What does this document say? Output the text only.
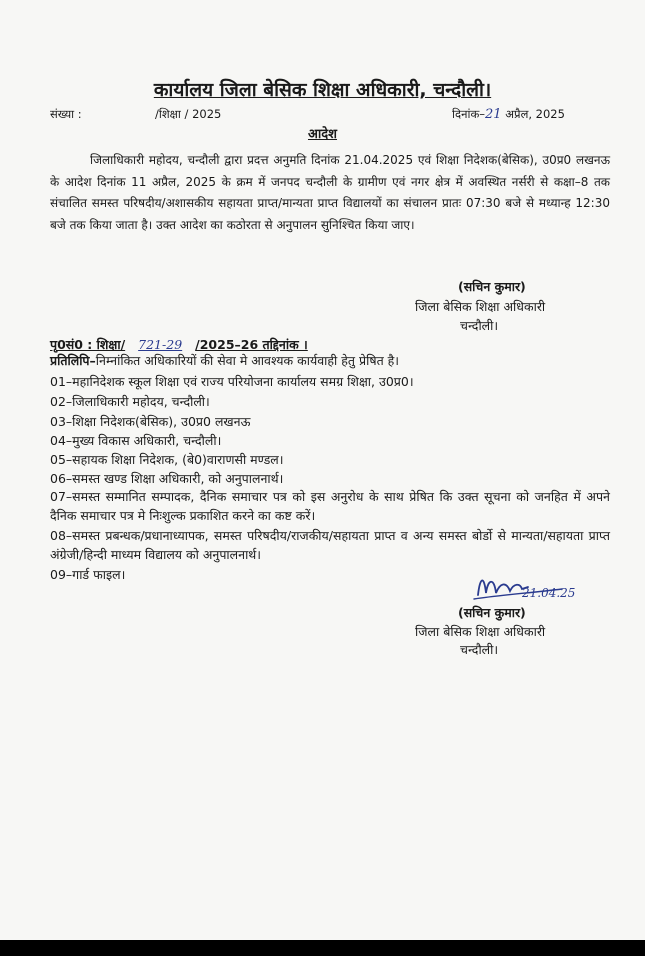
कार्यालय जिला बेसिक शिक्षा अधिकारी, चन्दौली।
संख्या :	/शिक्षा / 2025	दिनांक–21 अप्रैल, 2025
आदेश
जिलाधिकारी महोदय, चन्दौली द्वारा प्रदत्त अनुमति दिनांक 21.04.2025 एवं शिक्षा निदेशक(बेसिक), उ0प्र0 लखनऊ के आदेश दिनांक 11 अप्रैल, 2025 के क्रम में जनपद चन्दौली के ग्रामीण एवं नगर क्षेत्र में अवस्थित नर्सरी से कक्षा–8 तक संचालित समस्त परिषदीय/अशासकीय सहायता प्राप्त/मान्यता प्राप्त विद्यालयों का संचालन प्रातः 07:30 बजे से मध्यान्ह 12:30 बजे तक किया जाता है। उक्त आदेश का कठोरता से अनुपालन सुनिश्चित किया जाए।
(सचिन कुमार)
जिला बेसिक शिक्षा अधिकारी
चन्दौली।
पृ0सं0 : शिक्षा/ 721-29 /2025–26 तद्दिनांक ।
प्रतिलिपि–निम्नांकित अधिकारियों की सेवा मे आवश्यक कार्यवाही हेतु प्रेषित है।
01–महानिदेशक स्कूल शिक्षा एवं राज्य परियोजना कार्यालय समग्र शिक्षा, उ0प्र0।
02–जिलाधिकारी महोदय, चन्दौली।
03–शिक्षा निदेशक(बेसिक), उ0प्र0 लखनऊ
04–मुख्य विकास अधिकारी, चन्दौली।
05–सहायक शिक्षा निदेशक, (बे0)वाराणसी मण्डल।
06–समस्त खण्ड शिक्षा अधिकारी, को अनुपालनार्थ।
07–समस्त सम्मानित सम्पादक, दैनिक समाचार पत्र को इस अनुरोध के साथ प्रेषित कि उक्त सूचना को जनहित में अपने दैनिक समाचार पत्र मे निःशुल्क प्रकाशित करने का कष्ट करें।
08–समस्त प्रबन्धक/प्रधानाध्यापक, समस्त परिषदीय/राजकीय/सहायता प्राप्त व अन्य समस्त बोर्डो से मान्यता/सहायता प्राप्त अंग्रेजी/हिन्दी माध्यम विद्यालय को अनुपालनार्थ।
09–गार्ड फाइल।
21.04.25
(सचिन कुमार)
जिला बेसिक शिक्षा अधिकारी
चन्दौली।
